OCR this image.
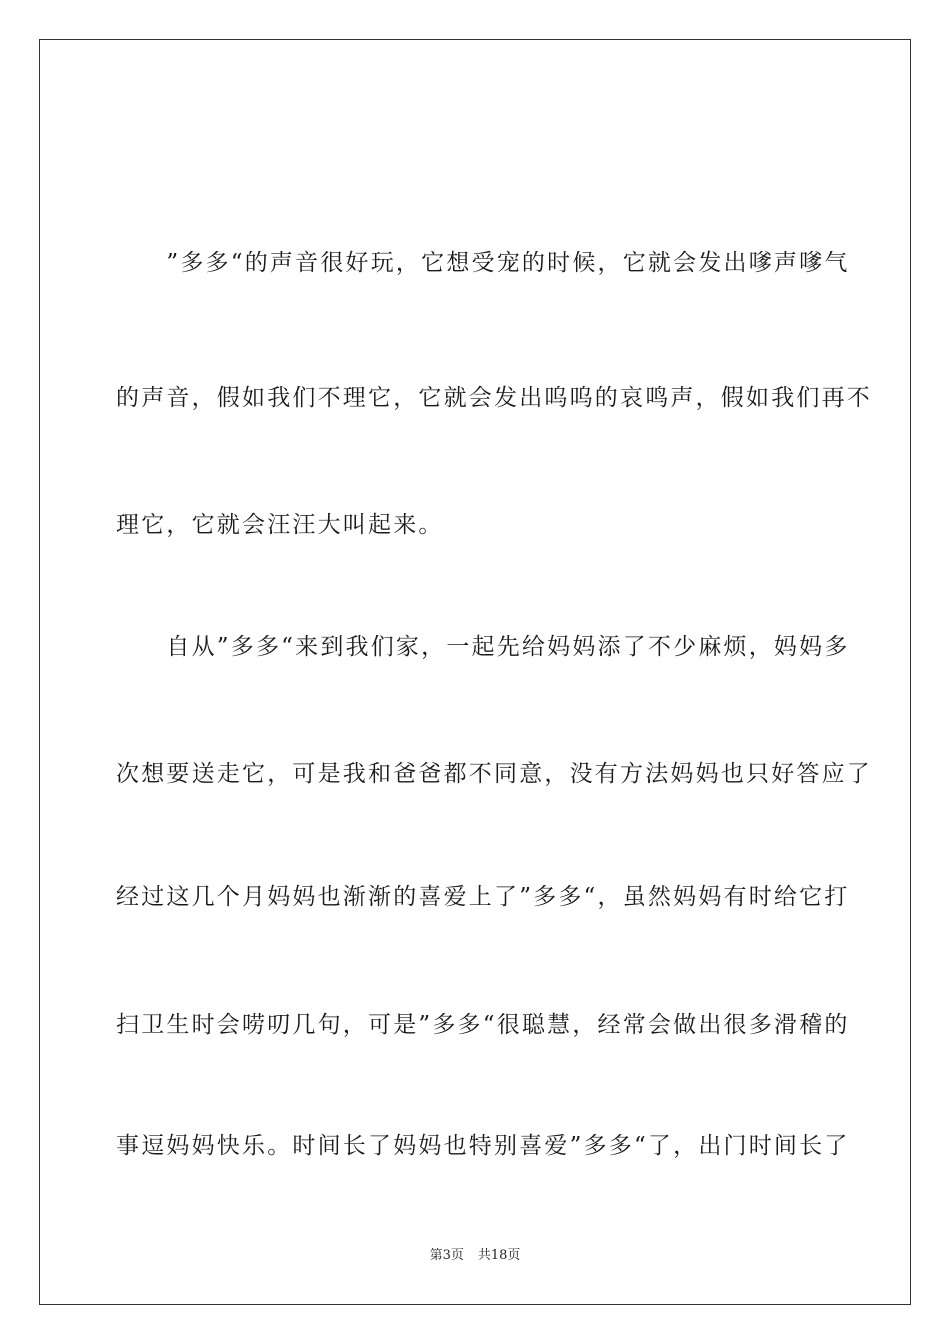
　　”多多“的声音很好玩，它想受宠的时候，它就会发出嗲声嗲气
的声音，假如我们不理它，它就会发出呜呜的哀鸣声，假如我们再不
理它，它就会汪汪大叫起来。
　　自从”多多“来到我们家，一起先给妈妈添了不少麻烦，妈妈多
次想要送走它，可是我和爸爸都不同意，没有方法妈妈也只好答应了
经过这几个月妈妈也渐渐的喜爱上了”多多“，虽然妈妈有时给它打
扫卫生时会唠叨几句，可是”多多“很聪慧，经常会做出很多滑稽的
事逗妈妈快乐。时间长了妈妈也特别喜爱”多多“了，出门时间长了
第3页 共18页
